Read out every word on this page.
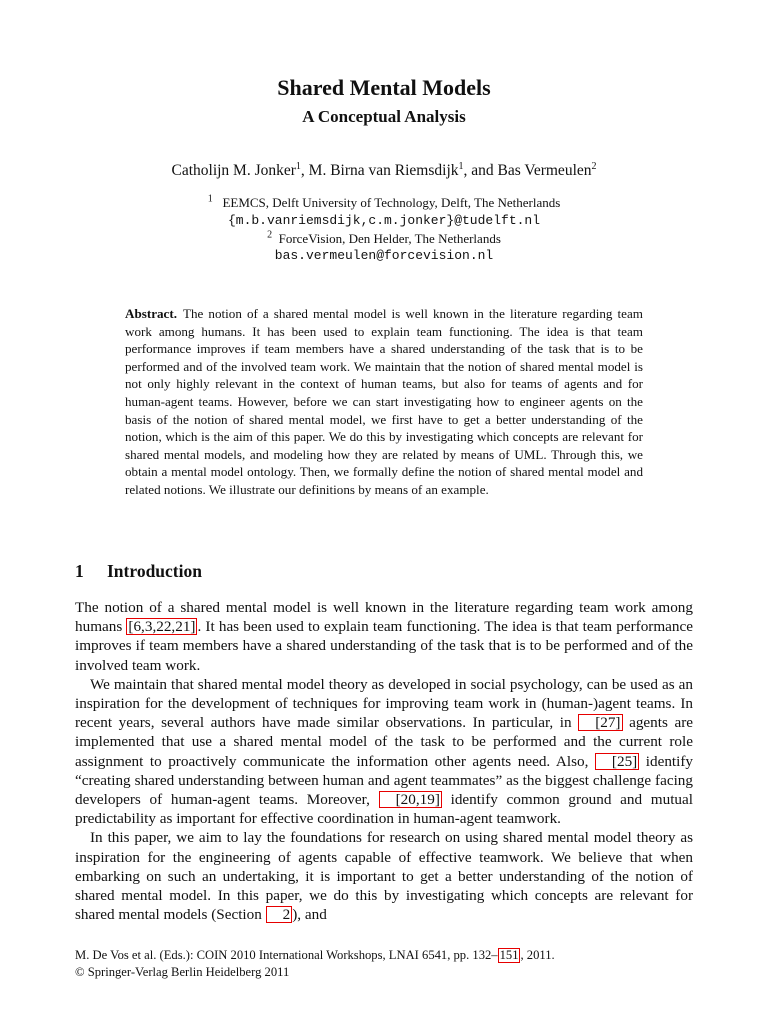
Shared Mental Models
A Conceptual Analysis
Catholijn M. Jonker$^1$, M. Birna van Riemsdijk$^1$, and Bas Vermeulen$^2$
$^1$ EEMCS, Delft University of Technology, Delft, The Netherlands
{m.b.vanriemsdijk,c.m.jonker}@tudelft.nl
$^2$ ForceVision, Den Helder, The Netherlands
bas.vermeulen@forcevision.nl
Abstract. The notion of a shared mental model is well known in the literature regarding team work among humans. It has been used to explain team functioning. The idea is that team performance improves if team members have a shared understanding of the task that is to be performed and of the involved team work. We maintain that the notion of shared mental model is not only highly relevant in the context of human teams, but also for teams of agents and for human-agent teams. However, before we can start investigating how to engineer agents on the basis of the notion of shared mental model, we first have to get a better understanding of the notion, which is the aim of this paper. We do this by investigating which concepts are relevant for shared mental models, and modeling how they are related by means of UML. Through this, we obtain a mental model ontology. Then, we formally define the notion of shared mental model and related notions. We illustrate our definitions by means of an example.
1 Introduction

The notion of a shared mental model is well known in the literature regarding team work among humans [6,3,22,21] . It has been used to explain team functioning. The idea is that team performance improves if team members have a shared understanding of the task that is to be performed and of the involved team work.

We maintain that shared mental model theory as developed in social psychology, can be used as an inspiration for the development of techniques for improving team work in (human-)agent teams. In recent years, several authors have made similar observations. In particular, in [27] agents are implemented that use a shared mental model of the task to be performed and the current role assignment to proactively communicate the information other agents need. Also, [25] identify “creating shared understanding between human and agent teammates” as the biggest challenge facing developers of human-agent teams. Moreover, [20,19] identify common ground and mutual predictability as important for effective coordination in human-agent teamwork.

In this paper, we aim to lay the foundations for research on using shared mental model theory as inspiration for the engineering of agents capable of effective teamwork. We believe that when embarking on such an undertaking, it is important to get a better understanding of the notion of shared mental model. In this paper, we do this by investigating which concepts are relevant for shared mental models (Section 2 ), and

M. De Vos et al. (Eds.): COIN 2010 International Workshops, LNAI 6541, pp. 132– 151 , 2011.
© Springer-Verlag Berlin Heidelberg 2011
